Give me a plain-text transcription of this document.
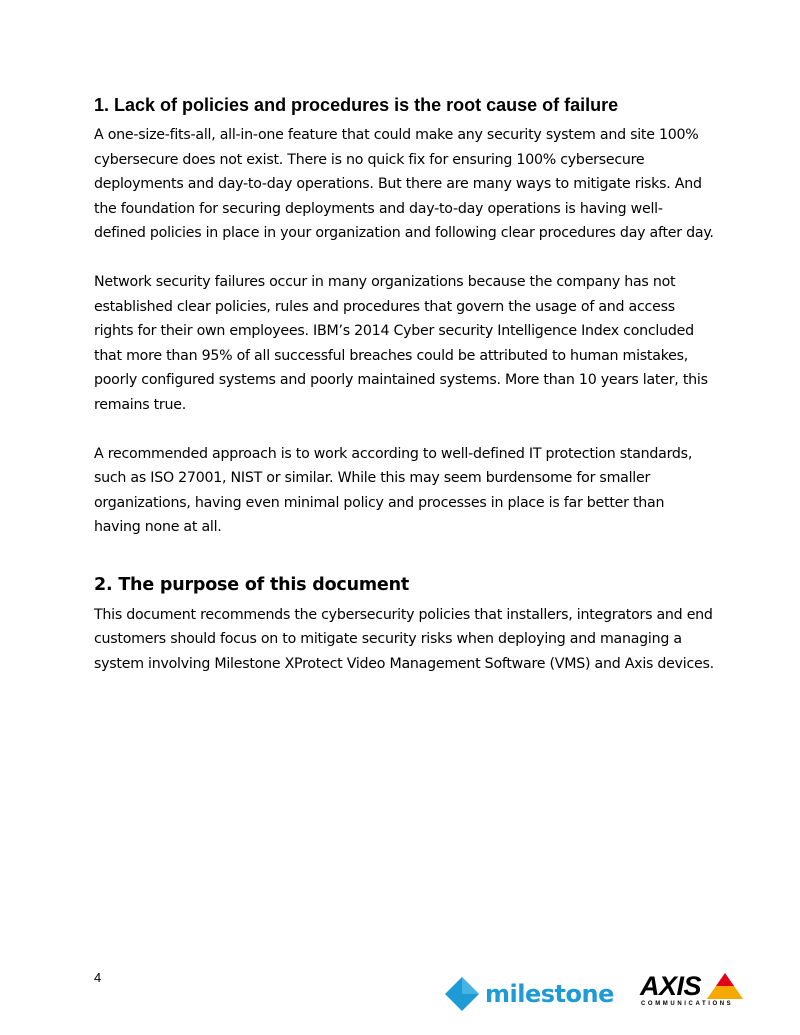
1. Lack of policies and procedures is the root cause of failure

A one-size-fits-all, all-in-one feature that could make any security system and site 100% cybersecure does not exist. There is no quick fix for ensuring 100% cybersecure deployments and day-to-day operations. But there are many ways to mitigate risks. And the foundation for securing deployments and day-to-day operations is having well-defined policies in place in your organization and following clear procedures day after day.

Network security failures occur in many organizations because the company has not established clear policies, rules and procedures that govern the usage of and access rights for their own employees. IBM’s 2014 Cyber security Intelligence Index concluded that more than 95% of all successful breaches could be attributed to human mistakes, poorly configured systems and poorly maintained systems. More than 10 years later, this remains true.

A recommended approach is to work according to well-defined IT protection standards, such as ISO 27001, NIST or similar. While this may seem burdensome for smaller organizations, having even minimal policy and processes in place is far better than having none at all.

2. The purpose of this document

This document recommends the cybersecurity policies that installers, integrators and end customers should focus on to mitigate security risks when deploying and managing a system involving Milestone XProtect Video Management Software (VMS) and Axis devices.

4
milestone AXIS
COMMUNICATIONS
